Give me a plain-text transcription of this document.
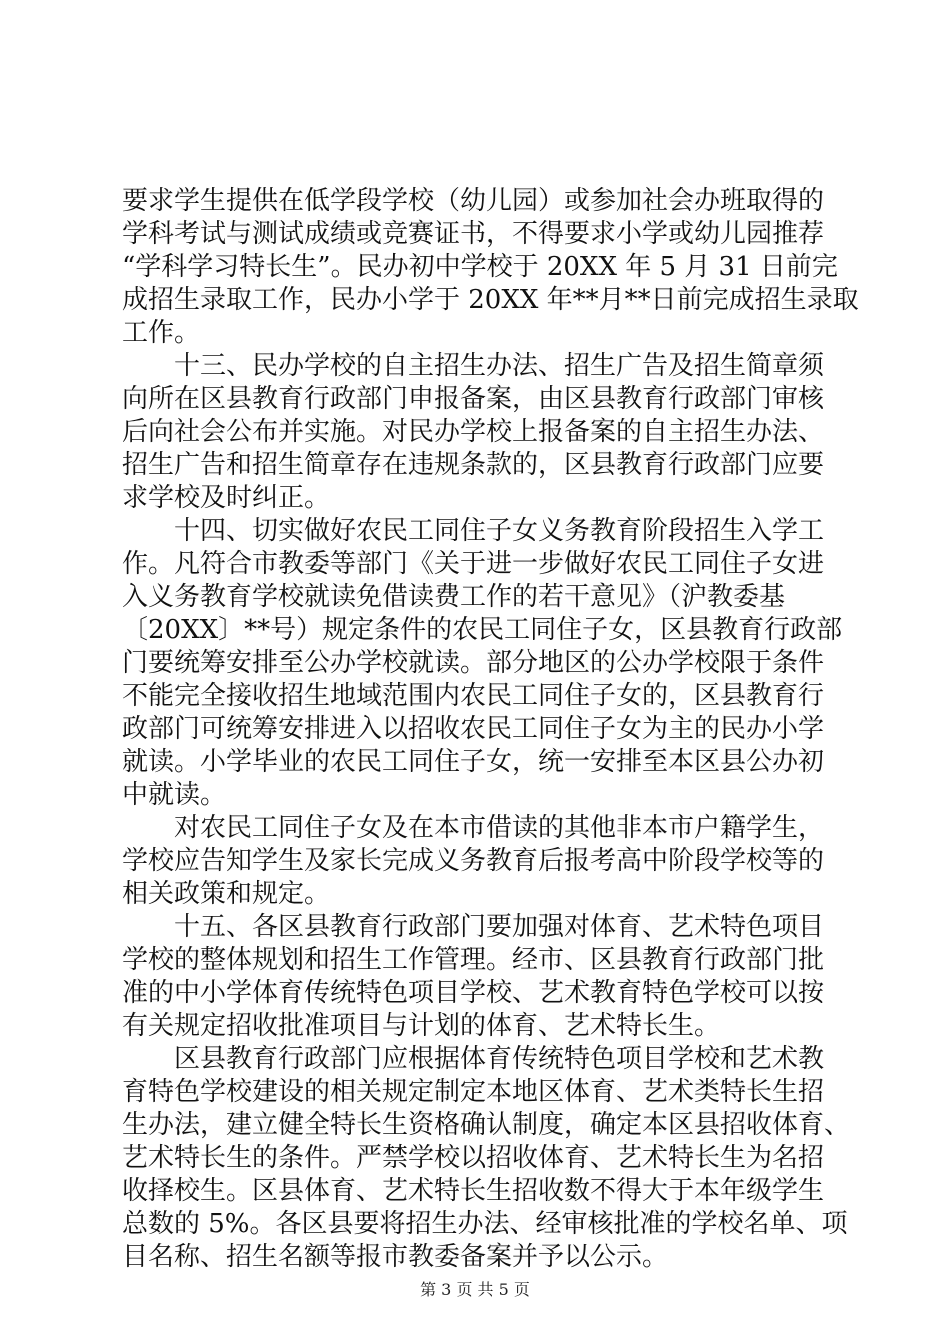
要求学生提供在低学段学校（幼儿园）或参加社会办班取得的
学科考试与测试成绩或竞赛证书，不得要求小学或幼儿园推荐
“学科学习特长生”。民办初中学校于 20XX 年 5 月 31 日前完
成招生录取工作，民办小学于 20XX 年**月**日前完成招生录取
工作。
十三、民办学校的自主招生办法、招生广告及招生简章须
向所在区县教育行政部门申报备案，由区县教育行政部门审核
后向社会公布并实施。对民办学校上报备案的自主招生办法、
招生广告和招生简章存在违规条款的，区县教育行政部门应要
求学校及时纠正。
十四、切实做好农民工同住子女义务教育阶段招生入学工
作。凡符合市教委等部门《关于进一步做好农民工同住子女进
入义务教育学校就读免借读费工作的若干意见》（沪教委基
〔20XX〕**号）规定条件的农民工同住子女，区县教育行政部
门要统筹安排至公办学校就读。部分地区的公办学校限于条件
不能完全接收招生地域范围内农民工同住子女的，区县教育行
政部门可统筹安排进入以招收农民工同住子女为主的民办小学
就读。小学毕业的农民工同住子女，统一安排至本区县公办初
中就读。
对农民工同住子女及在本市借读的其他非本市户籍学生，
学校应告知学生及家长完成义务教育后报考高中阶段学校等的
相关政策和规定。
十五、各区县教育行政部门要加强对体育、艺术特色项目
学校的整体规划和招生工作管理。经市、区县教育行政部门批
准的中小学体育传统特色项目学校、艺术教育特色学校可以按
有关规定招收批准项目与计划的体育、艺术特长生。
区县教育行政部门应根据体育传统特色项目学校和艺术教
育特色学校建设的相关规定制定本地区体育、艺术类特长生招
生办法，建立健全特长生资格确认制度，确定本区县招收体育、
艺术特长生的条件。严禁学校以招收体育、艺术特长生为名招
收择校生。区县体育、艺术特长生招收数不得大于本年级学生
总数的 5%。各区县要将招生办法、经审核批准的学校名单、项
目名称、招生名额等报市教委备案并予以公示。
第 3 页 共 5 页
